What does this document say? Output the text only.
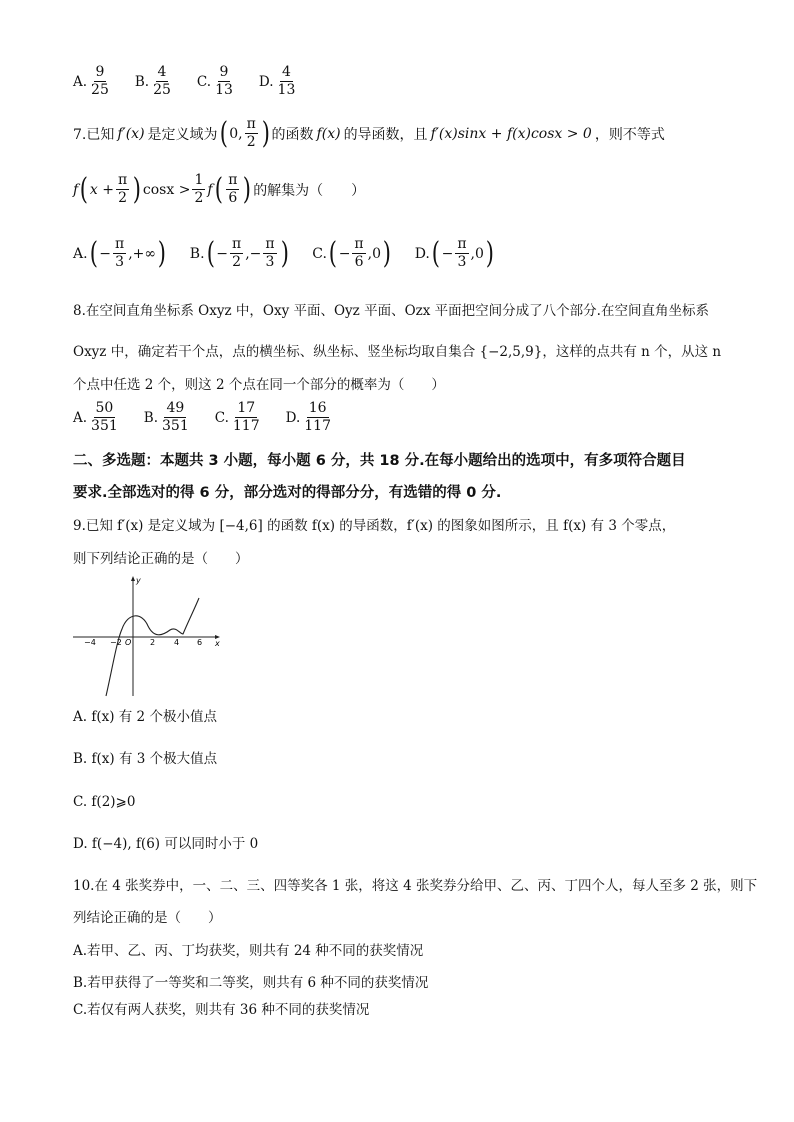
A. $\frac{9}{25} B$. $\frac{4}{25} C$. $\frac{9}{13} D$. $\frac{4}{13}$
7.已知 f′(x) 是定义域为 ( 0, $\frac{\pi}{2}$ ) 的函数 f(x) 的导函数，且 f′(x)sinx + f(x)cosx > 0 ，则不等式
f ( $x + \frac{\pi}{2}$ ) $\cos x > \frac{1}{2}$ f ( $\frac{\pi}{6}$ ) 的解集为（　　）
A. ( − $\frac{\pi}{3}$ ,+∞ ) B. ( − $\frac{\pi}{2}$ ,− $\frac{\pi}{3}$ ) C. ( − $\frac{\pi}{6} ,0$ ) D. ( − $\frac{\pi}{3} ,0$ )
8.在空间直角坐标系 Oxyz 中，Oxy 平面、Oyz 平面、Ozx 平面把空间分成了八个部分.在空间直角坐标系
Oxyz 中，确定若干个点，点的横坐标、纵坐标、竖坐标均取自集合 {−2,5,9}，这样的点共有 n 个，从这 n
个点中任选 2 个，则这 2 个点在同一个部分的概率为（　　）
A. $\frac{50}{351} B$. $\frac{49}{351} C$. $\frac{17}{117} D$. $\frac{16}{117}$
二、多选题：本题共 3 小题，每小题 6 分，共 18 分.在每小题给出的选项中，有多项符合题目
要求.全部选对的得 6 分，部分选对的得部分分，有选错的得 0 分.
9.已知 f′(x) 是定义域为 [−4,6] 的函数 f(x) 的导函数，f′(x) 的图象如图所示，且 f(x) 有 3 个零点，
则下列结论正确的是（　　）
y
x
−4 −2 O 2 4 6
A. f(x) 有 2 个极小值点
B. f(x) 有 3 个极大值点
C. f(2)⩾0
D. f(−4), f(6) 可以同时小于 0
10.在 4 张奖券中，一、二、三、四等奖各 1 张，将这 4 张奖券分给甲、乙、丙、丁四个人，每人至多 2 张，则下
列结论正确的是（　　）
A.若甲、乙、丙、丁均获奖，则共有 24 种不同的获奖情况
B.若甲获得了一等奖和二等奖，则共有 6 种不同的获奖情况
C.若仅有两人获奖，则共有 36 种不同的获奖情况
